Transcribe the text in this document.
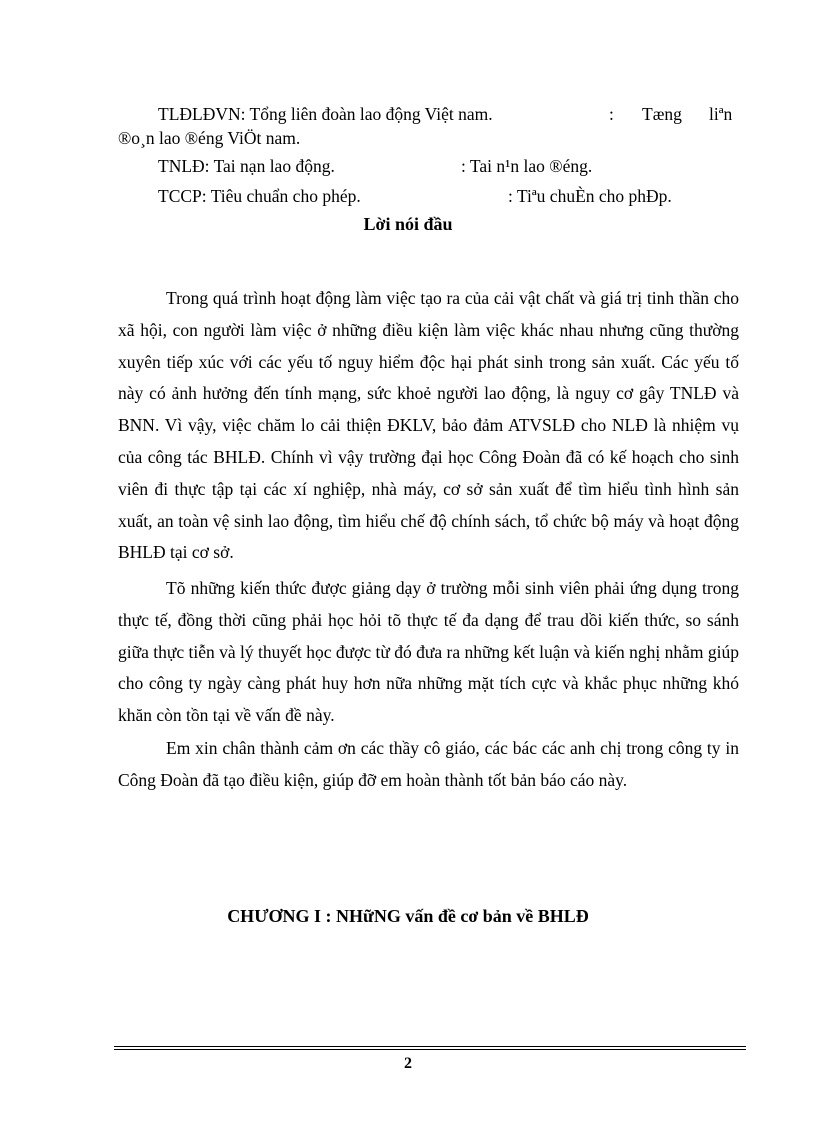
TLĐLĐVN: Tổng liên đoàn lao động Việt nam.	: Tæng liªn
®o¸n lao ®éng ViÖt nam.
TNLĐ: Tai nạn lao động.	: Tai n¹n lao ®éng.
TCCP: Tiêu chuẩn cho phép.	: Tiªu chuÈn cho phÐp.
Lời nói đầu

Trong quá trình hoạt động làm việc tạo ra của cải vật chất và giá trị tinh thần cho xã hội, con người làm việc ở những điều kiện làm việc khác nhau nhưng cũng thường xuyên tiếp xúc với các yếu tố nguy hiểm độc hại phát sinh trong sản xuất. Các yếu tố này có ảnh hưởng đến tính mạng, sức khoẻ người lao động, là nguy cơ gây TNLĐ và BNN. Vì vậy, việc chăm lo cải thiện ĐKLV, bảo đảm ATVSLĐ cho NLĐ là nhiệm vụ của công tác BHLĐ. Chính vì vậy trường đại học Công Đoàn đã có kế hoạch cho sinh viên đi thực tập tại các xí nghiệp, nhà máy, cơ sở sản xuất để tìm hiểu tình hình sản xuất, an toàn vệ sinh lao động, tìm hiểu chế độ chính sách, tổ chức bộ máy và hoạt động BHLĐ tại cơ sở.

Tõ những kiến thức được giảng dạy ở trường mỗi sinh viên phải ứng dụng trong thực tế, đồng thời cũng phải học hỏi tõ thực tế đa dạng để trau dồi kiến thức, so sánh giữa thực tiễn và lý thuyết học được từ đó đưa ra những kết luận và kiến nghị nhằm giúp cho công ty ngày càng phát huy hơn nữa những mặt tích cực và khắc phục những khó khăn còn tồn tại về vấn đề này.

Em xin chân thành cảm ơn các thầy cô giáo, các bác các anh chị trong công ty in Công Đoàn đã tạo điều kiện, giúp đỡ em hoàn thành tốt bản báo cáo này.

CHƯƠNG I : NHữNG vấn đề cơ bản về BHLĐ
2
